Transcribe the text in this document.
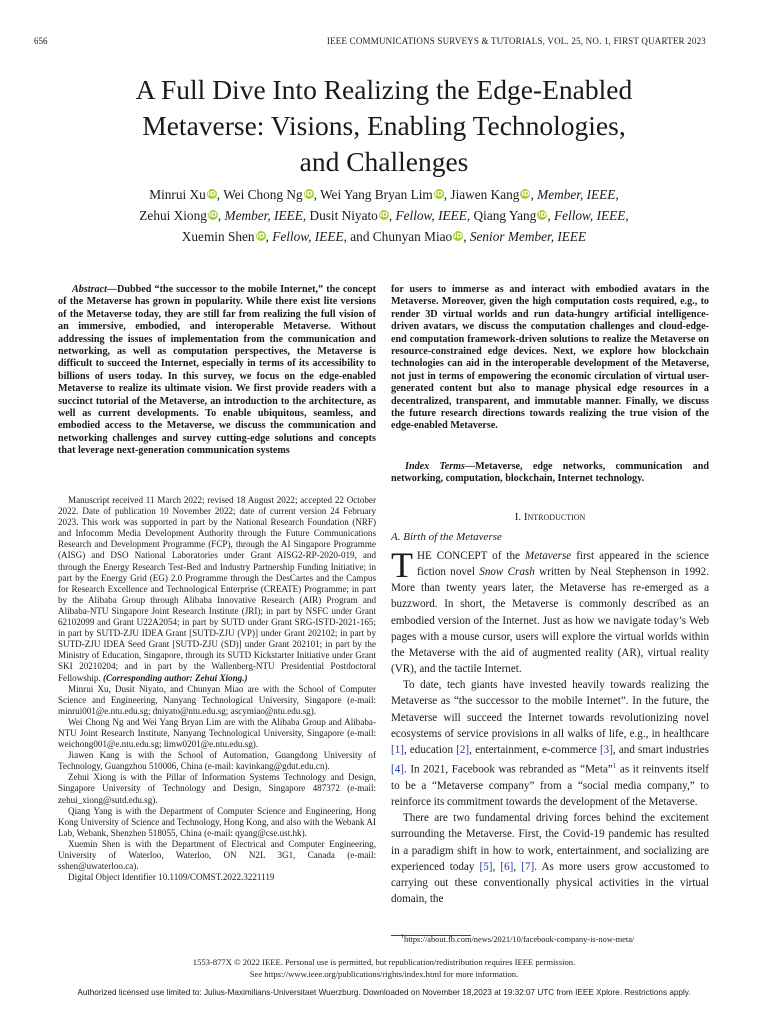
656	IEEE COMMUNICATIONS SURVEYS & TUTORIALS, VOL. 25, NO. 1, FIRST QUARTER 2023
A Full Dive Into Realizing the Edge-Enabled
Metaverse: Visions, Enabling Technologies,
and Challenges
Minrui Xu iD, Wei Chong Ng iD, Wei Yang Bryan Lim iD, Jiawen Kang iD, Member, IEEE,
Zehui Xiong iD, Member, IEEE, Dusit Niyato iD, Fellow, IEEE, Qiang Yang iD, Fellow, IEEE,
Xuemin Shen iD, Fellow, IEEE, and Chunyan Miao iD, Senior Member, IEEE

Abstract—Dubbed “the successor to the mobile Internet,” the concept of the Metaverse has grown in popularity. While there exist lite versions of the Metaverse today, they are still far from realizing the full vision of an immersive, embodied, and interoperable Metaverse. Without addressing the issues of implementation from the communication and networking, as well as computation perspectives, the Metaverse is difficult to succeed the Internet, especially in terms of its accessibility to billions of users today. In this survey, we focus on the edge-enabled Metaverse to realize its ultimate vision. We first provide readers with a succinct tutorial of the Metaverse, an introduction to the architecture, as well as current developments. To enable ubiquitous, seamless, and embodied access to the Metaverse, we discuss the communication and networking challenges and survey cutting-edge solutions and concepts that leverage next-generation communication systems

for users to immerse as and interact with embodied avatars in the Metaverse. Moreover, given the high computation costs required, e.g., to render 3D virtual worlds and run data-hungry artificial intelligence-driven avatars, we discuss the computation challenges and cloud-edge-end computation framework-driven solutions to realize the Metaverse on resource-constrained edge devices. Next, we explore how blockchain technologies can aid in the interoperable development of the Metaverse, not just in terms of empowering the economic circulation of virtual user-generated content but also to manage physical edge resources in a decentralized, transparent, and immutable manner. Finally, we discuss the future research directions towards realizing the true vision of the edge-enabled Metaverse.

Index Terms—Metaverse, edge networks, communication and networking, computation, blockchain, Internet technology.

Manuscript received 11 March 2022; revised 18 August 2022; accepted 22 October 2022. Date of publication 10 November 2022; date of current version 24 February 2023. This work was supported in part by the National Research Foundation (NRF) and Infocomm Media Development Authority through the Future Communications Research and Development Programme (FCP), through the AI Singapore Programme (AISG) and DSO National Laboratories under Grant AISG2-RP-2020-019, and through the Energy Research Test-Bed and Industry Partnership Funding Initiative; in part by the Energy Grid (EG) 2.0 Programme through the DesCartes and the Campus for Research Excellence and Technological Enterprise (CREATE) Programme; in part by the Alibaba Group through Alibaba Innovative Research (AIR) Program and Alibaba-NTU Singapore Joint Research Institute (JRI); in part by NSFC under Grant 62102099 and Grant U22A2054; in part by SUTD under Grant SRG-ISTD-2021-165; in part by SUTD-ZJU IDEA Grant [SUTD-ZJU (VP)] under Grant 202102; in part by SUTD-ZJU IDEA Seed Grant [SUTD-ZJU (SD)] under Grant 202101; in part by the Ministry of Education, Singapore, through its SUTD Kickstarter Initiative under Grant SKI 20210204; and in part by the Wallenberg-NTU Presidential Postdoctoral Fellowship. (Corresponding author: Zehui Xiong.)

Minrui Xu, Dusit Niyato, and Chunyan Miao are with the School of Computer Science and Engineering, Nanyang Technological University, Singapore (e-mail: minrui001@e.ntu.edu.sg; dniyato@ntu.edu.sg; ascymiao@ntu.edu.sg).

Wei Chong Ng and Wei Yang Bryan Lim are with the Alibaba Group and Alibaba-NTU Joint Research Institute, Nanyang Technological University, Singapore (e-mail: weichong001@e.ntu.edu.sg; limw0201@e.ntu.edu.sg).

Jiawen Kang is with the School of Automation, Guangdong University of Technology, Guangzhou 510006, China (e-mail: kavinkang@gdut.edu.cn).

Zehui Xiong is with the Pillar of Information Systems Technology and Design, Singapore University of Technology and Design, Singapore 487372 (e-mail: zehui_xiong@sutd.edu.sg).

Qiang Yang is with the Department of Computer Science and Engineering, Hong Kong University of Science and Technology, Hong Kong, and also with the Webank AI Lab, Webank, Shenzhen 518055, China (e-mail: qyang@cse.ust.hk).

Xuemin Shen is with the Department of Electrical and Computer Engineering, University of Waterloo, Waterloo, ON N2L 3G1, Canada (e-mail: sshen@uwaterloo.ca).

Digital Object Identifier 10.1109/COMST.2022.3221119

I. Introduction
A. Birth of the Metaverse

THE CONCEPT of the Metaverse first appeared in the science fiction novel Snow Crash written by Neal Stephenson in 1992. More than twenty years later, the Metaverse has re-emerged as a buzzword. In short, the Metaverse is commonly described as an embodied version of the Internet. Just as how we navigate today’s Web pages with a mouse cursor, users will explore the virtual worlds within the Metaverse with the aid of augmented reality (AR), virtual reality (VR), and the tactile Internet.

To date, tech giants have invested heavily towards realizing the Metaverse as “the successor to the mobile Internet”. In the future, the Metaverse will succeed the Internet towards revolutionizing novel ecosystems of service provisions in all walks of life, e.g., in healthcare [1], education [2], entertainment, e-commerce [3], and smart industries [4]. In 2021, Facebook was rebranded as “Meta”$^1$ as it reinvents itself to be a “Metaverse company” from a “social media company,” to reinforce its commitment towards the development of the Metaverse.

There are two fundamental driving forces behind the excitement surrounding the Metaverse. First, the Covid-19 pandemic has resulted in a paradigm shift in how to work, entertainment, and socializing are experienced today [5], [6], [7]. As more users grow accustomed to carrying out these conventionally physical activities in the virtual domain, the

$^1$https://about.fb.com/news/2021/10/facebook-company-is-now-meta/
1553-877X © 2022 IEEE. Personal use is permitted, but republication/redistribution requires IEEE permission.
See https://www.ieee.org/publications/rights/index.html for more information.
Authorized licensed use limited to: Julius-Maximilians-Universitaet Wuerzburg. Downloaded on November 18,2023 at 19:32:07 UTC from IEEE Xplore. Restrictions apply.
